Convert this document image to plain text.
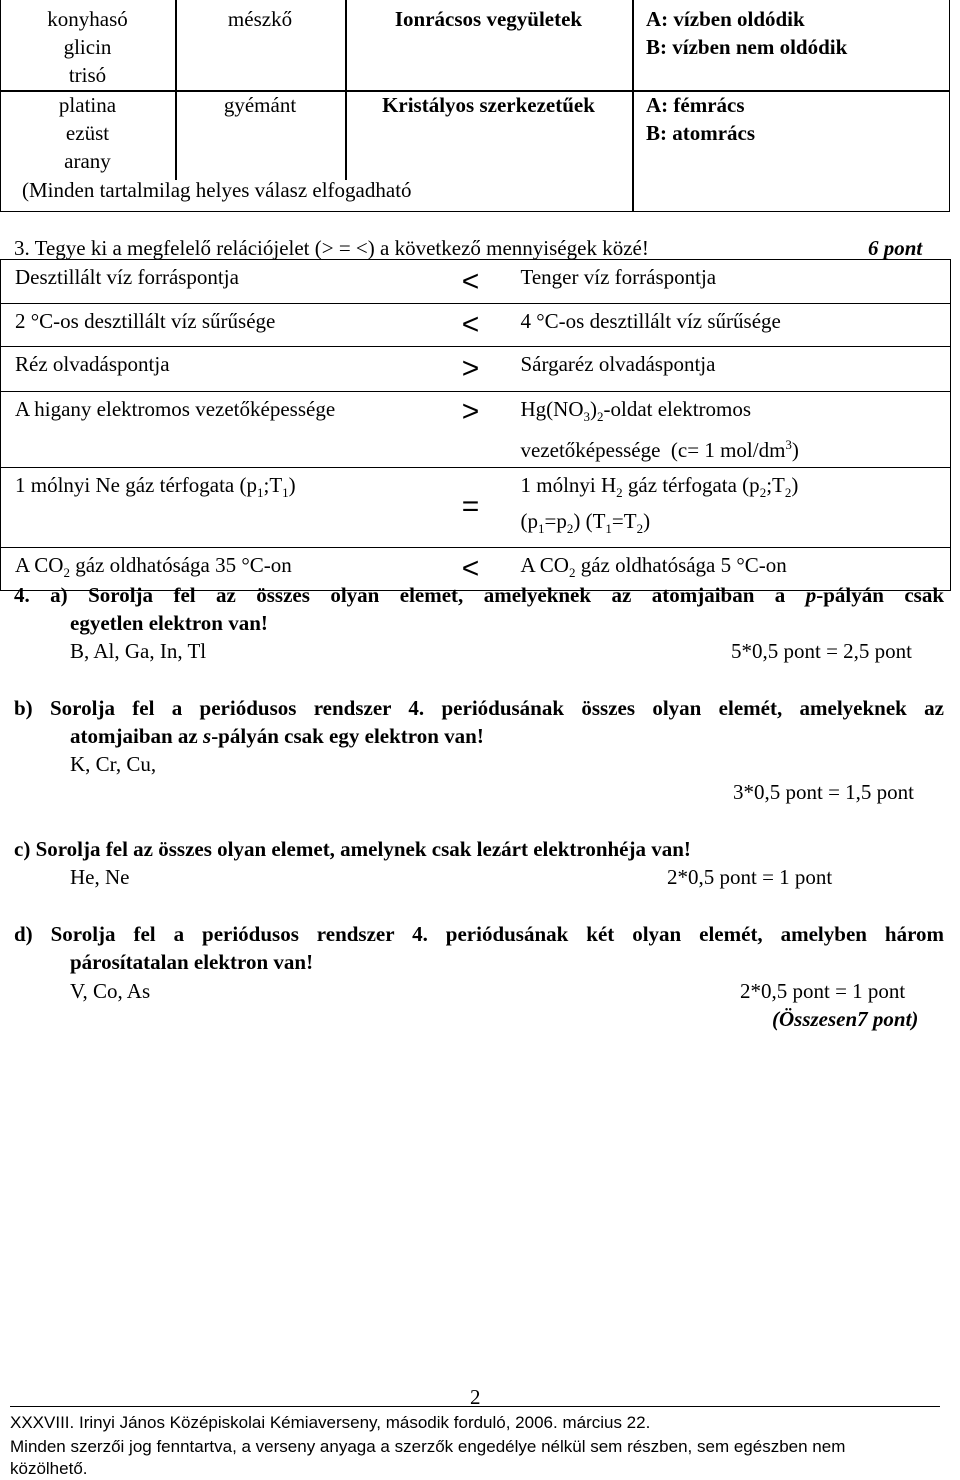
konyhasó
glicin
trisó
mészkő	Ionrácsos vegyületek	A: vízben oldódik
B: vízben nem oldódik
platina
ezüst
arany
gyémánt	Kristályos szerkezetűek	A: fémrács
B: atomrács
(Minden tartalmilag helyes válasz elfogadható
3. Tegye ki a megfelelő relációjelet (> = <) a következő mennyiségek közé!	6 pont
Desztillált víz forráspontja	<	Tenger víz forráspontja
2 °C-os desztillált víz sűrűsége	<	4 °C-os desztillált víz sűrűsége
Réz olvadáspontja	>	Sárgaréz olvadáspontja
A higany elektromos vezetőképessége	>	$Hg(NO_3)_2$-oldat elektromos
vezetőképessége  (c= 1 mol/$dm^3$)
1 mólnyi Ne gáz térfogata $(p_1;T_1)$	=	1 mólnyi $H_2$ gáz térfogata $(p_2;T_2)$
$(p_1=p_2)$ $(T_1=T_2)$
A $CO_2$ gáz oldhatósága 35 °C-on	<	A $CO_2$ gáz oldhatósága 5 °C-on
4. a) Sorolja fel az összes olyan elemet, amelyeknek az atomjaiban a p-pályán csak
egyetlen elektron van!
B, Al, Ga, In, Tl	5*0,5 pont = 2,5 pont
b) Sorolja fel a periódusos rendszer 4. periódusának összes olyan elemét, amelyeknek az
atomjaiban az s-pályán csak egy elektron van!
K, Cr, Cu,
3*0,5 pont = 1,5 pont
c) Sorolja fel az összes olyan elemet, amelynek csak lezárt elektronhéja van!
He, Ne	2*0,5 pont = 1 pont
d) Sorolja fel a periódusos rendszer 4. periódusának két olyan elemét, amelyben három
párosítatalan elektron van!
V, Co, As	2*0,5 pont = 1 pont
(Összesen7 pont)
2
XXXVIII. Irinyi János Középiskolai Kémiaverseny, második forduló, 2006. március 22.
Minden szerzői jog fenntartva, a verseny anyaga a szerzők engedélye nélkül sem részben, sem egészben nem
közölhető.
